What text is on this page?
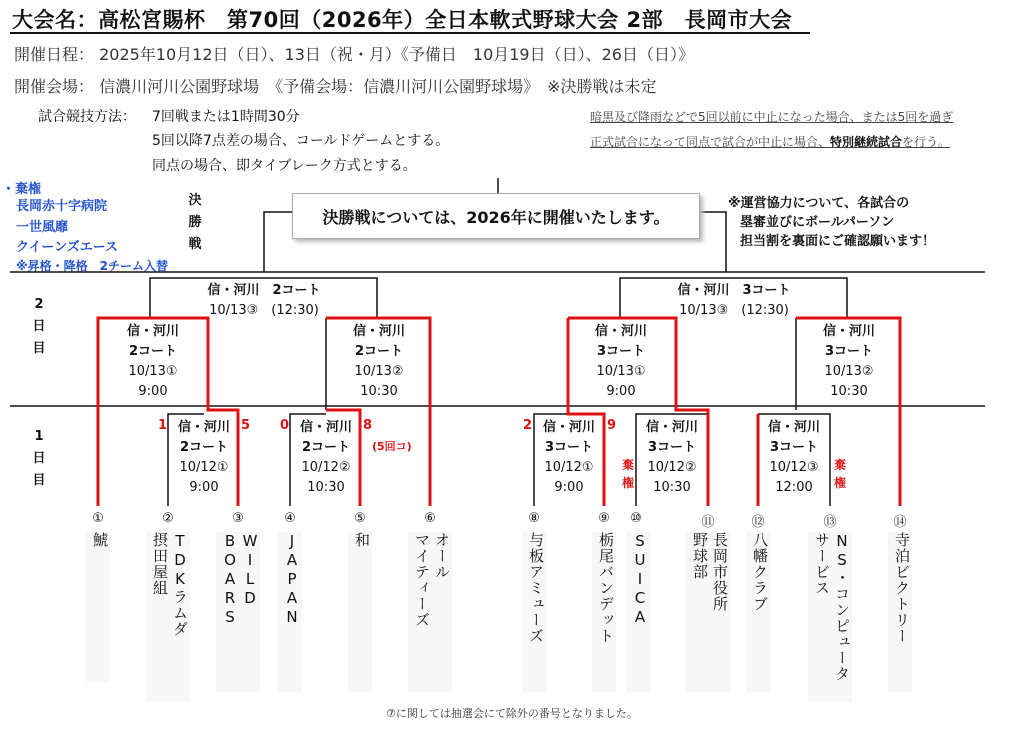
大会名：高松宮賜杯　第70回（2026年）全日本軟式野球大会 2部　長岡市大会
開催日程： 2025年10月12日（日）、13日（祝・月）《予備日　10月19日（日）、26日（日）》
開催会場： 信濃川河川公園野球場　《予備会場：信濃川河川公園野球場》　※決勝戦は未定
試合競技方法： 7回戦または1時間30分
5回以降7点差の場合、コールドゲームとする。
同点の場合、即タイブレーク方式とする。
暗黒及び降雨などで5回以前に中止になった場合、または5回を過ぎ
正式試合になって同点で試合が中止に場合、特別継続試合を行う。
・棄権
長岡赤十字病院
一世風靡
クイーンズエース
※昇格・降格　2チーム入替
決
勝
戦
※運営協力について、各試合の
塁審並びにボールパーソン
担当割を裏面にご確認願います！
決勝戦については、2026年に開催いたします。
2
日
目
1
日
目
信・河川　2コート
10/13③　(12:30)
信・河川　3コート
10/13③　(12:30)
信・河川
2コート
10/13①
9:00
信・河川
2コート
10/13②
10:30
信・河川
3コート
10/13①
9:00
信・河川
3コート
10/13②
10:30
信・河川
2コート
10/12①
9:00
信・河川
2コート
10/12②
10:30
信・河川
3コート
10/12①
9:00
信・河川
3コート
10/12②
10:30
信・河川
3コート
10/12③
12:00
1	5 0	8
(5回コ)
2	9
棄権
棄権
①	②	③	④	⑤	⑥	⑧	⑨ ⑩	⑪	⑫	⑬	⑭
鯱	TDKラムダ
摂田屋組	WILD
BOARS	JAPAN	和	オール
マイティーズ	与板アミューズ	栃尾バンデット	SUICA	長岡市役所
野球部	八幡クラブ	NS・コンピュータ
サービス	寺泊ビクトリー
⑦に関しては抽選会にて除外の番号となりました。
